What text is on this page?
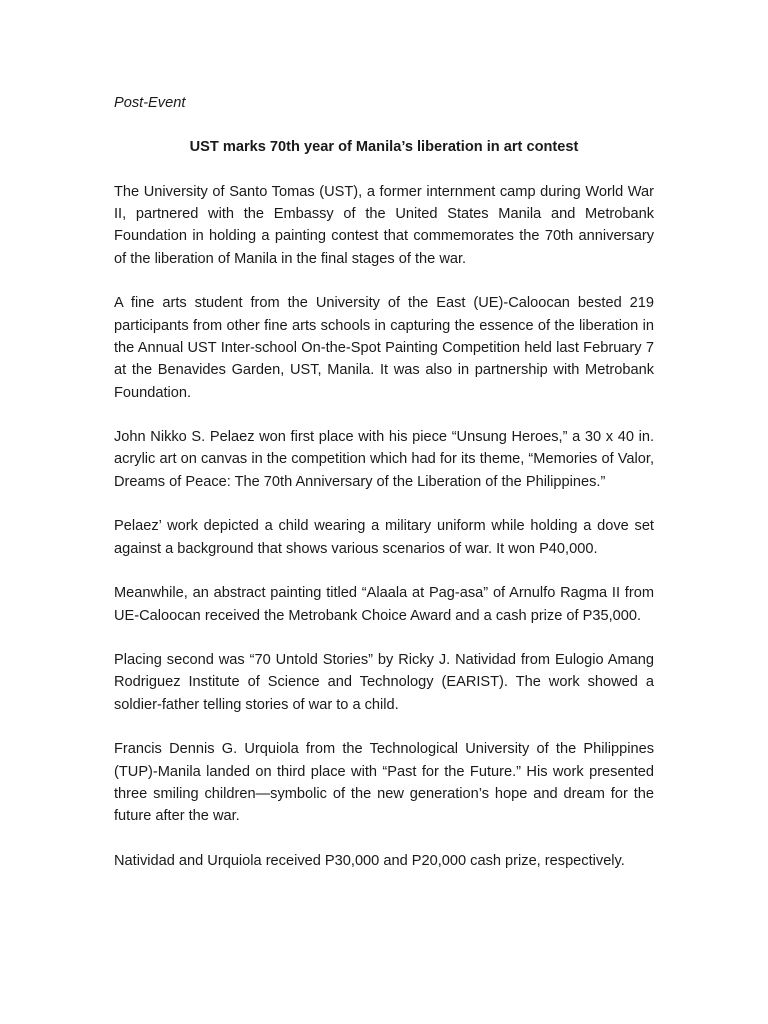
Post-Event

UST marks 70th year of Manila’s liberation in art contest

The University of Santo Tomas (UST), a former internment camp during World War II, partnered with the Embassy of the United States Manila and Metrobank Foundation in holding a painting contest that commemorates the 70th anniversary of the liberation of Manila in the final stages of the war.

A fine arts student from the University of the East (UE)-Caloocan bested 219 participants from other fine arts schools in capturing the essence of the liberation in the Annual UST Inter-school On-the-Spot Painting Competition held last February 7 at the Benavides Garden, UST, Manila. It was also in partnership with Metrobank Foundation.

John Nikko S. Pelaez won first place with his piece “Unsung Heroes,” a 30 x 40 in. acrylic art on canvas in the competition which had for its theme, “Memories of Valor, Dreams of Peace: The 70th Anniversary of the Liberation of the Philippines.”

Pelaez’ work depicted a child wearing a military uniform while holding a dove set against a background that shows various scenarios of war. It won P40,000.

Meanwhile, an abstract painting titled “Alaala at Pag-asa” of Arnulfo Ragma II from UE-Caloocan received the Metrobank Choice Award and a cash prize of P35,000.

Placing second was “70 Untold Stories” by Ricky J. Natividad from Eulogio Amang Rodriguez Institute of Science and Technology (EARIST). The work showed a soldier-father telling stories of war to a child.

Francis Dennis G. Urquiola from the Technological University of the Philippines (TUP)-Manila landed on third place with “Past for the Future.” His work presented three smiling children—symbolic of the new generation’s hope and dream for the future after the war.

Natividad and Urquiola received P30,000 and P20,000 cash prize, respectively.
